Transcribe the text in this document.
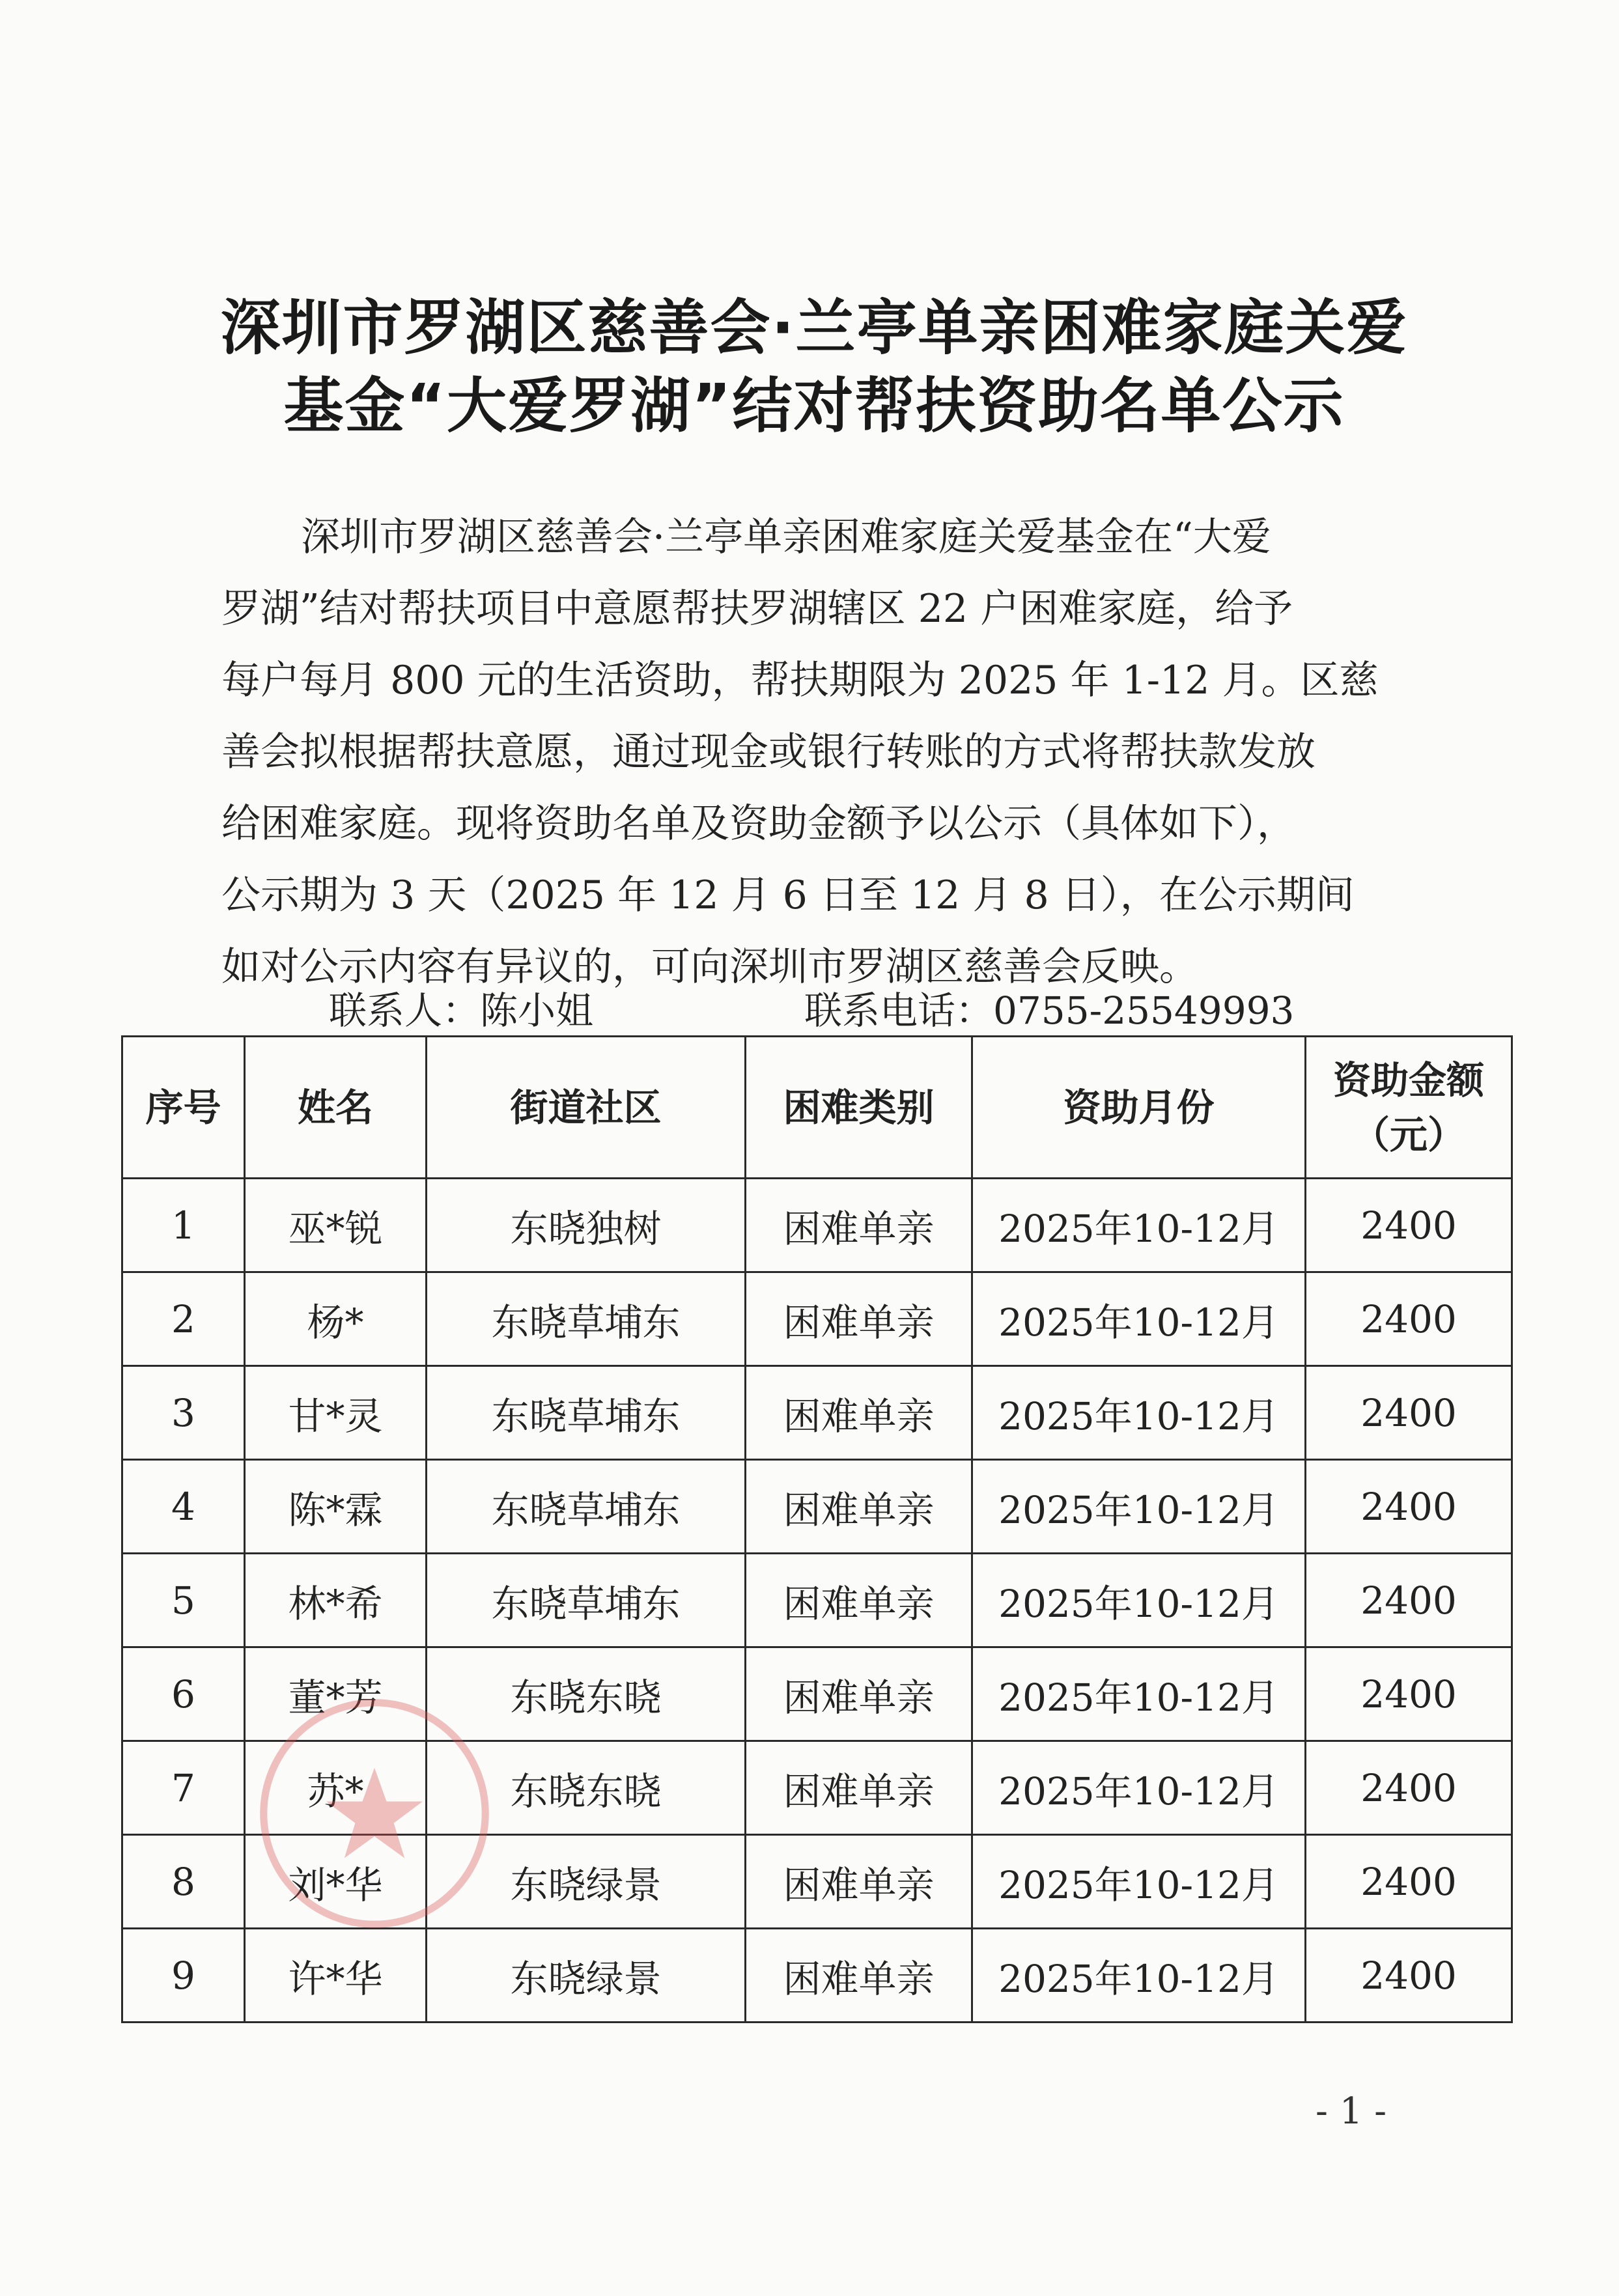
深圳市罗湖区慈善会·兰亭单亲困难家庭关爱
基金“大爱罗湖”结对帮扶资助名单公示
深圳市罗湖区慈善会·兰亭单亲困难家庭关爱基金在“大爱
罗湖”结对帮扶项目中意愿帮扶罗湖辖区 22 户困难家庭，给予
每户每月 800 元的生活资助，帮扶期限为 2025 年 1-12 月。区慈
善会拟根据帮扶意愿，通过现金或银行转账的方式将帮扶款发放
给困难家庭。现将资助名单及资助金额予以公示（具体如下），
公示期为 3 天（2025 年 12 月 6 日至 12 月 8 日），在公示期间
如对公示内容有异议的，可向深圳市罗湖区慈善会反映。
联系人：陈小姐	联系电话：0755-25549993
序号	姓名	街道社区	困难类别	资助月份	资助金额
（元）

1	巫*锐	东晓独树	困难单亲	2025年10-12月	2400
2	杨*	东晓草埔东	困难单亲	2025年10-12月	2400
3	甘*灵	东晓草埔东	困难单亲	2025年10-12月	2400
4	陈*霖	东晓草埔东	困难单亲	2025年10-12月	2400
5	林*希	东晓草埔东	困难单亲	2025年10-12月	2400
6	董*芳	东晓东晓	困难单亲	2025年10-12月	2400
7	苏*	东晓东晓	困难单亲	2025年10-12月	2400
8	刘*华	东晓绿景	困难单亲	2025年10-12月	2400
9	许*华	东晓绿景	困难单亲	2025年10-12月	2400
- 1 -
